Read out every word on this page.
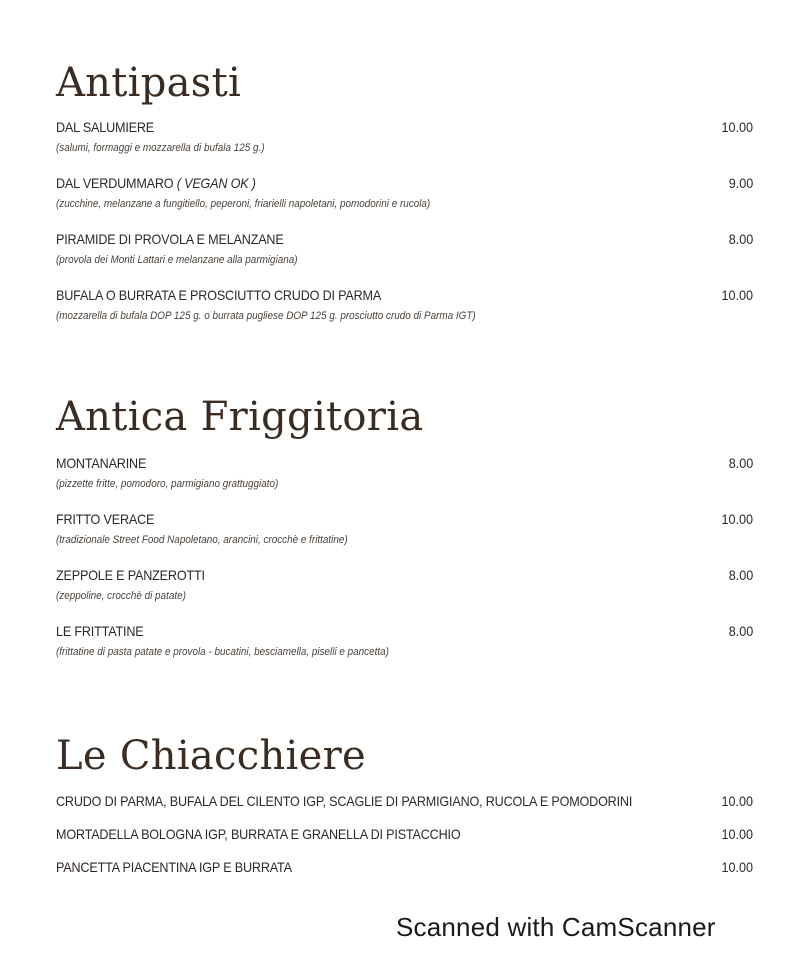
Antipasti
DAL SALUMIERE	10.00
(salumi, formaggi e mozzarella di bufala 125 g.)
DAL VERDUMMARO ( VEGAN OK )	9.00
(zucchine, melanzane a fungitiello, peperoni, friarielli napoletani, pomodorini e rucola)
PIRAMIDE DI PROVOLA E MELANZANE	8.00
(provola dei Monti Lattari e melanzane alla parmigiana)
BUFALA O BURRATA E PROSCIUTTO CRUDO DI PARMA	10.00
(mozzarella di bufala DOP 125 g. o burrata pugliese DOP 125 g. prosciutto crudo di Parma IGT)
Antica Friggitoria
MONTANARINE	8.00
(pizzette fritte, pomodoro, parmigiano grattuggiato)
FRITTO VERACE	10.00
(tradizionale Street Food Napoletano, arancini, crocchè e frittatine)
ZEPPOLE E PANZEROTTI	8.00
(zeppoline, crocchè di patate)
LE FRITTATINE	8.00
(frittatine di pasta patate e provola - bucatini, besciamella, piselli e pancetta)
Le Chiacchiere
CRUDO DI PARMA, BUFALA DEL CILENTO IGP, SCAGLIE DI PARMIGIANO, RUCOLA E POMODORINI	10.00
MORTADELLA BOLOGNA IGP, BURRATA E GRANELLA DI PISTACCHIO	10.00
PANCETTA PIACENTINA IGP E BURRATA	10.00
Scanned with CamScanner
